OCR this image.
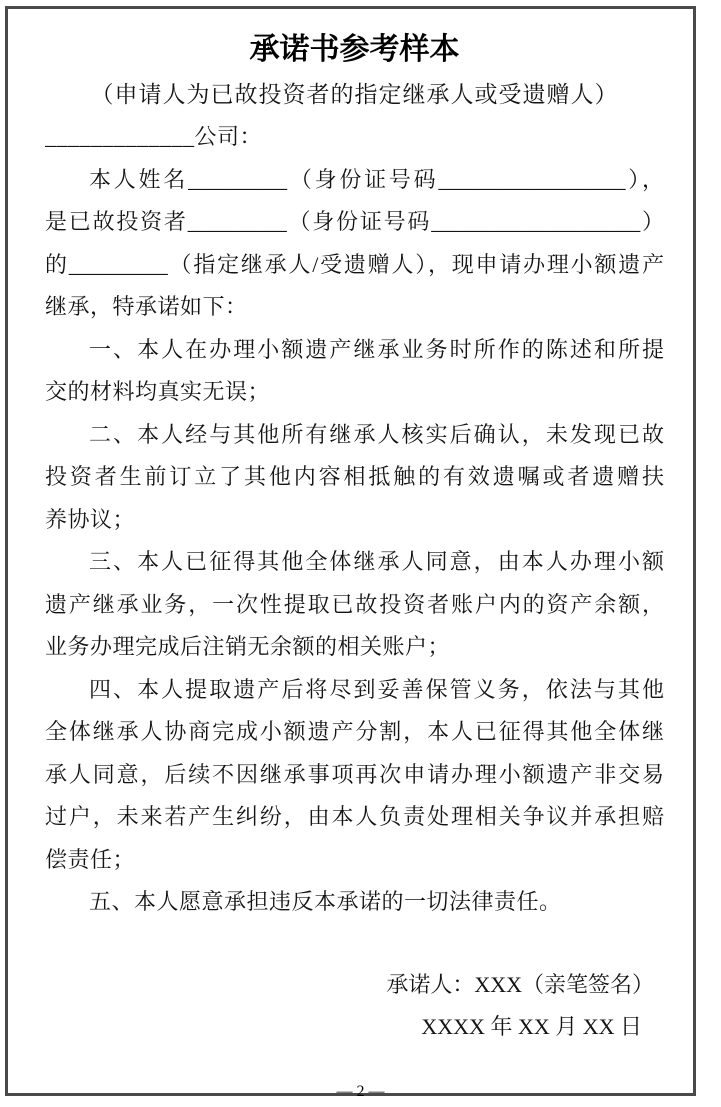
承诺书参考样本
（申请人为已故投资者的指定继承人或受遗赠人）
_____________公司：
本人姓名_________（身份证号码_________________），
是已故投资者_________（身份证号码___________________）
的_________（指定继承人/受遗赠人），现申请办理小额遗产
继承，特承诺如下：
一、本人在办理小额遗产继承业务时所作的陈述和所提
交的材料均真实无误；
二、本人经与其他所有继承人核实后确认，未发现已故
投资者生前订立了其他内容相抵触的有效遗嘱或者遗赠扶
养协议；
三、本人已征得其他全体继承人同意，由本人办理小额
遗产继承业务，一次性提取已故投资者账户内的资产余额，
业务办理完成后注销无余额的相关账户；
四、本人提取遗产后将尽到妥善保管义务，依法与其他
全体继承人协商完成小额遗产分割，本人已征得其他全体继
承人同意，后续不因继承事项再次申请办理小额遗产非交易
过户，未来若产生纠纷，由本人负责处理相关争议并承担赔
偿责任；
五、本人愿意承担违反本承诺的一切法律责任。
承诺人：XXX（亲笔签名）
XXXX 年 XX 月 XX 日
— 2 —
